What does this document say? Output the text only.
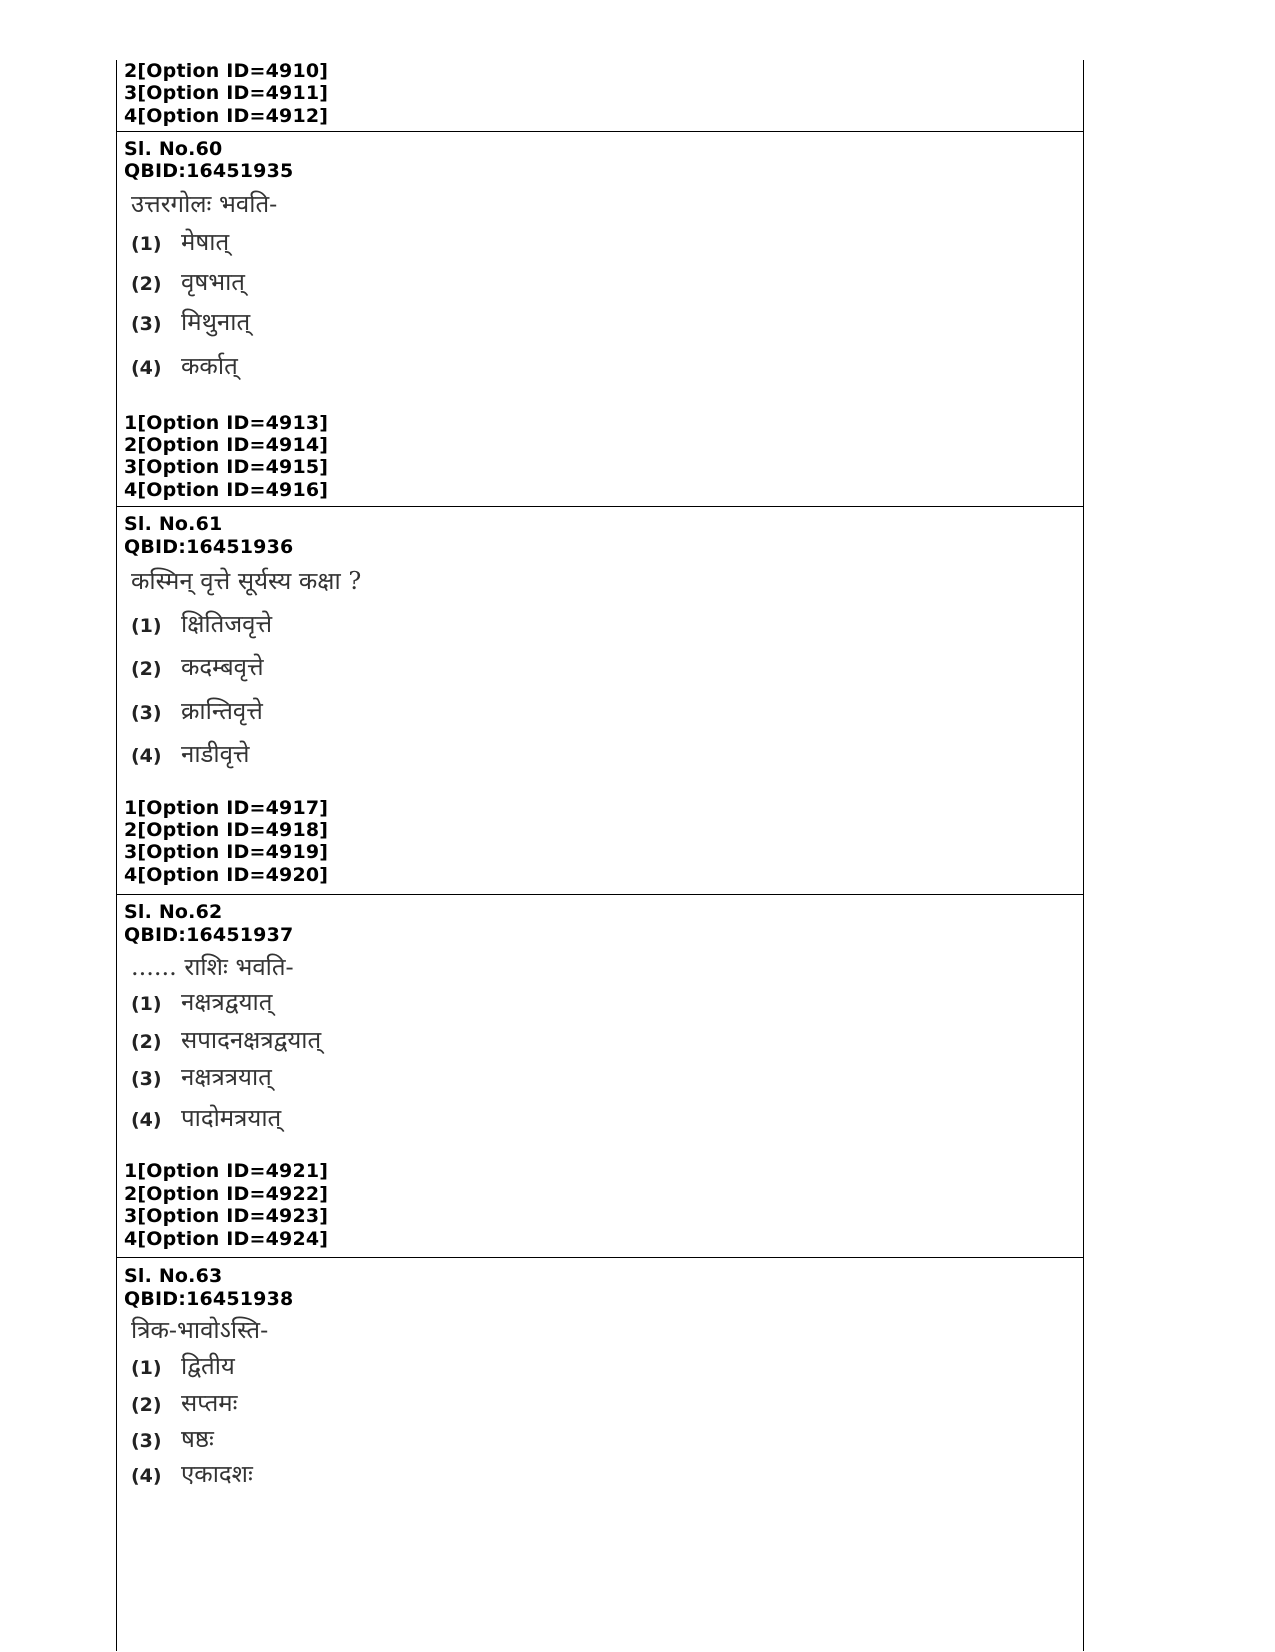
2[Option ID=4910]
3[Option ID=4911]
4[Option ID=4912]
Sl. No.60
QBID:16451935
उत्तरगोलः भवति-
(1) मेषात्
(2) वृषभात्
(3) मिथुनात्
(4) कर्कात्
1[Option ID=4913]
2[Option ID=4914]
3[Option ID=4915]
4[Option ID=4916]
Sl. No.61
QBID:16451936
कस्मिन् वृत्ते सूर्यस्य कक्षा ?
(1) क्षितिजवृत्ते
(2) कदम्बवृत्ते
(3) क्रान्तिवृत्ते
(4) नाडीवृत्ते
1[Option ID=4917]
2[Option ID=4918]
3[Option ID=4919]
4[Option ID=4920]
Sl. No.62
QBID:16451937
...... राशिः भवति-
(1) नक्षत्रद्वयात्
(2) सपादनक्षत्रद्वयात्
(3) नक्षत्रत्रयात्
(4) पादोमत्रयात्
1[Option ID=4921]
2[Option ID=4922]
3[Option ID=4923]
4[Option ID=4924]
Sl. No.63
QBID:16451938
त्रिक-भावोऽस्ति-
(1) द्वितीय
(2) सप्तमः
(3) षष्ठः
(4) एकादशः
